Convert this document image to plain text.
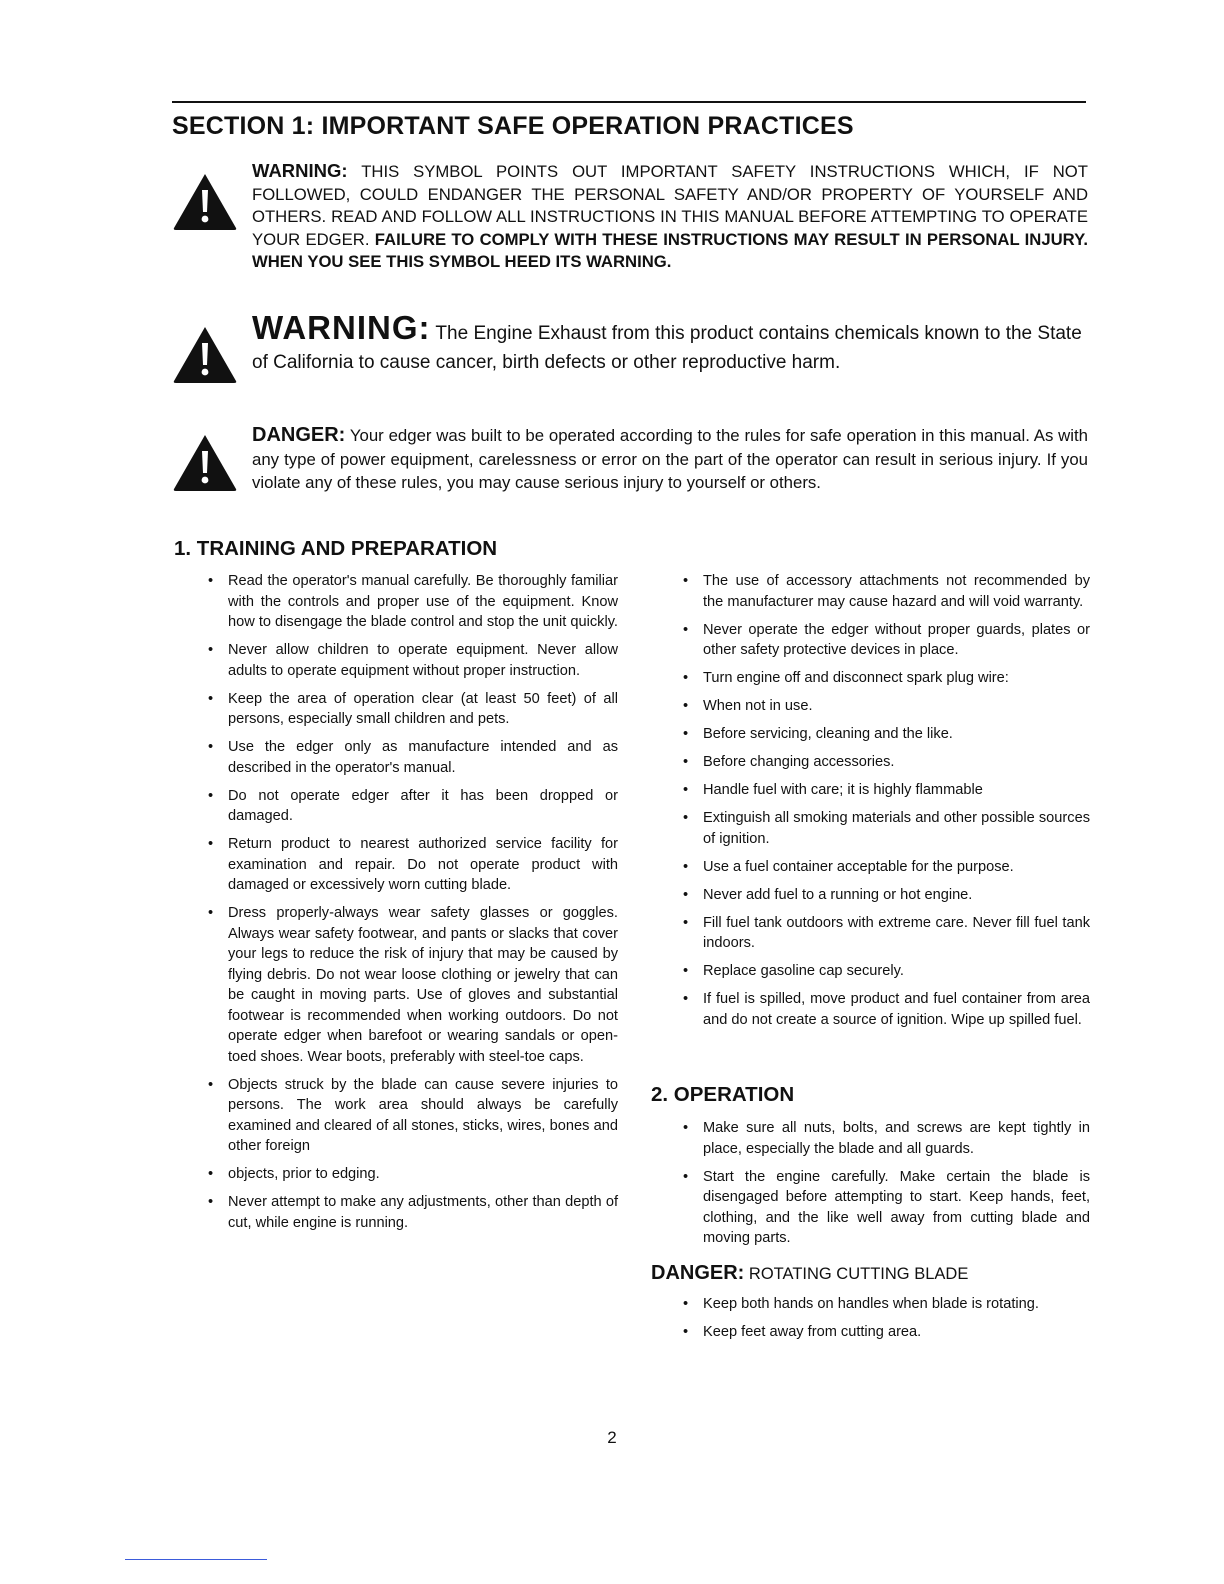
SECTION 1: IMPORTANT SAFE OPERATION PRACTICES

WARNING: THIS SYMBOL POINTS OUT IMPORTANT SAFETY INSTRUCTIONS WHICH, IF NOT FOLLOWED, COULD ENDANGER THE PERSONAL SAFETY AND/OR PROPERTY OF YOURSELF AND OTHERS. READ AND FOLLOW ALL INSTRUCTIONS IN THIS MANUAL BEFORE ATTEMPTING TO OPERATE YOUR EDGER. FAILURE TO COMPLY WITH THESE INSTRUCTIONS MAY RESULT IN PERSONAL INJURY. WHEN YOU SEE THIS SYMBOL HEED ITS WARNING.

WARNING: The Engine Exhaust from this product contains chemicals known to the State of California to cause cancer, birth defects or other reproductive harm.

DANGER: Your edger was built to be operated according to the rules for safe operation in this manual. As with any type of power equipment, carelessness or error on the part of the operator can result in serious injury. If you violate any of these rules, you may cause serious injury to yourself or others.

1. TRAINING AND PREPARATION
• Read the operator's manual carefully. Be thoroughly familiar with the controls and proper use of the equipment. Know how to disengage the blade control and stop the unit quickly.
• Never allow children to operate equipment. Never allow adults to operate equipment without proper instruction.
• Keep the area of operation clear (at least 50 feet) of all persons, especially small children and pets.
• Use the edger only as manufacture intended and as described in the operator's manual.
• Do not operate edger after it has been dropped or damaged.
• Return product to nearest authorized service facility for examination and repair. Do not operate product with damaged or excessively worn cutting blade.
• Dress properly-always wear safety glasses or goggles. Always wear safety footwear, and pants or slacks that cover your legs to reduce the risk of injury that may be caused by flying debris. Do not wear loose clothing or jewelry that can be caught in moving parts. Use of gloves and substantial footwear is recommended when working outdoors. Do not operate edger when barefoot or wearing sandals or open-toed shoes. Wear boots, preferably with steel-toe caps.
• Objects struck by the blade can cause severe injuries to persons. The work area should always be carefully examined and cleared of all stones, sticks, wires, bones and other foreign
• objects, prior to edging.
• Never attempt to make any adjustments, other than depth of cut, while engine is running.
• The use of accessory attachments not recommended by the manufacturer may cause hazard and will void warranty.
• Never operate the edger without proper guards, plates or other safety protective devices in place.
• Turn engine off and disconnect spark plug wire:
• When not in use.
• Before servicing, cleaning and the like.
• Before changing accessories.
• Handle fuel with care; it is highly flammable
• Extinguish all smoking materials and other possible sources of ignition.
• Use a fuel container acceptable for the purpose.
• Never add fuel to a running or hot engine.
• Fill fuel tank outdoors with extreme care. Never fill fuel tank indoors.
• Replace gasoline cap securely.
• If fuel is spilled, move product and fuel container from area and do not create a source of ignition. Wipe up spilled fuel.
2. OPERATION
• Make sure all nuts, bolts, and screws are kept tightly in place, especially the blade and all guards.
• Start the engine carefully. Make certain the blade is disengaged before attempting to start. Keep hands, feet, clothing, and the like well away from cutting blade and moving parts.

DANGER: ROTATING CUTTING BLADE

• Keep both hands on handles when blade is rotating.
• Keep feet away from cutting area.

2
